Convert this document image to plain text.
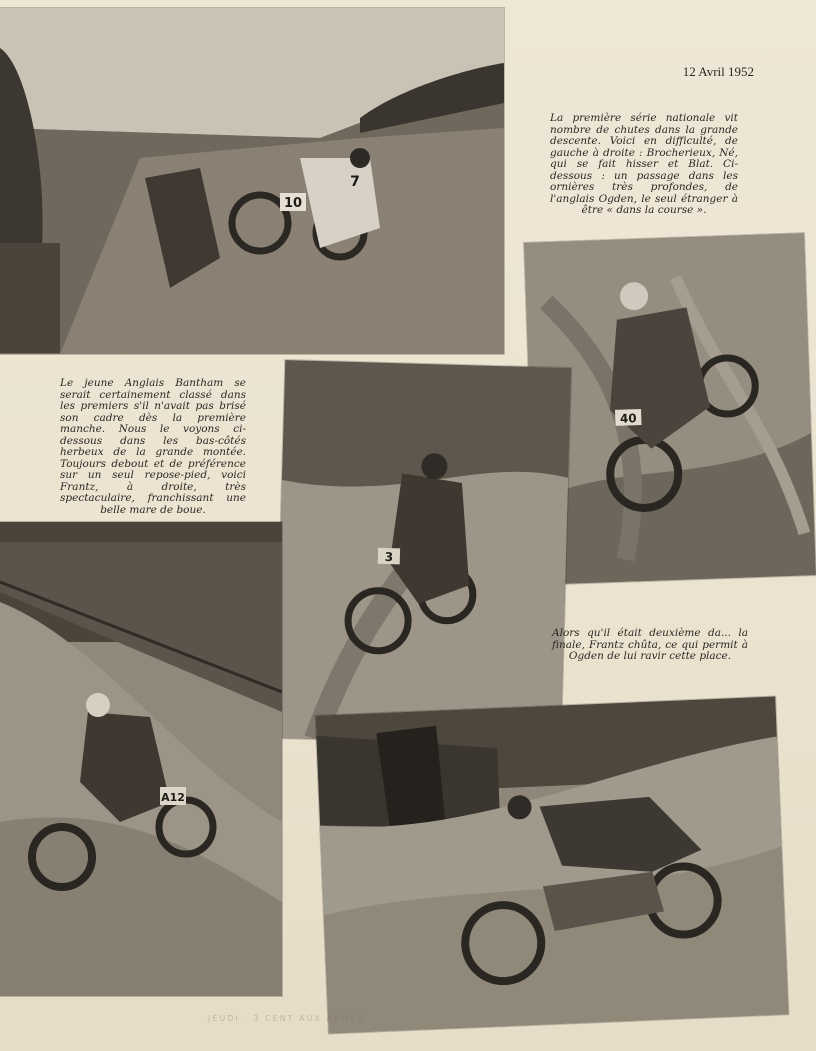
12 Avril 1952
10
7
La première série nationale vit nombre de chutes dans la grande descente. Voici en difficulté, de gauche à droite : Brocherieux, Né, qui se fait hisser et Blat. Ci-dessous : un passage dans les ornières très profondes, de l'anglais Ogden, le seul étranger à être « dans la course ».
Le jeune Anglais Bantham se serait certainement classé dans les premiers s'il n'avait pas brisé son cadre dès la première manche. Nous le voyons ci-dessous dans les bas-côtés herbeux de la grande montée. Toujours debout et de préférence sur un seul repose-pied, voici Frantz, à droite, très spectaculaire, franchissant une belle mare de boue.
40
3
A12
Alors qu'il était deuxième da... la finale, Frantz chûta, ce qui permit à Ogden de lui ravir cette place.
JEUDI . 3 CENT AUX ARMES
